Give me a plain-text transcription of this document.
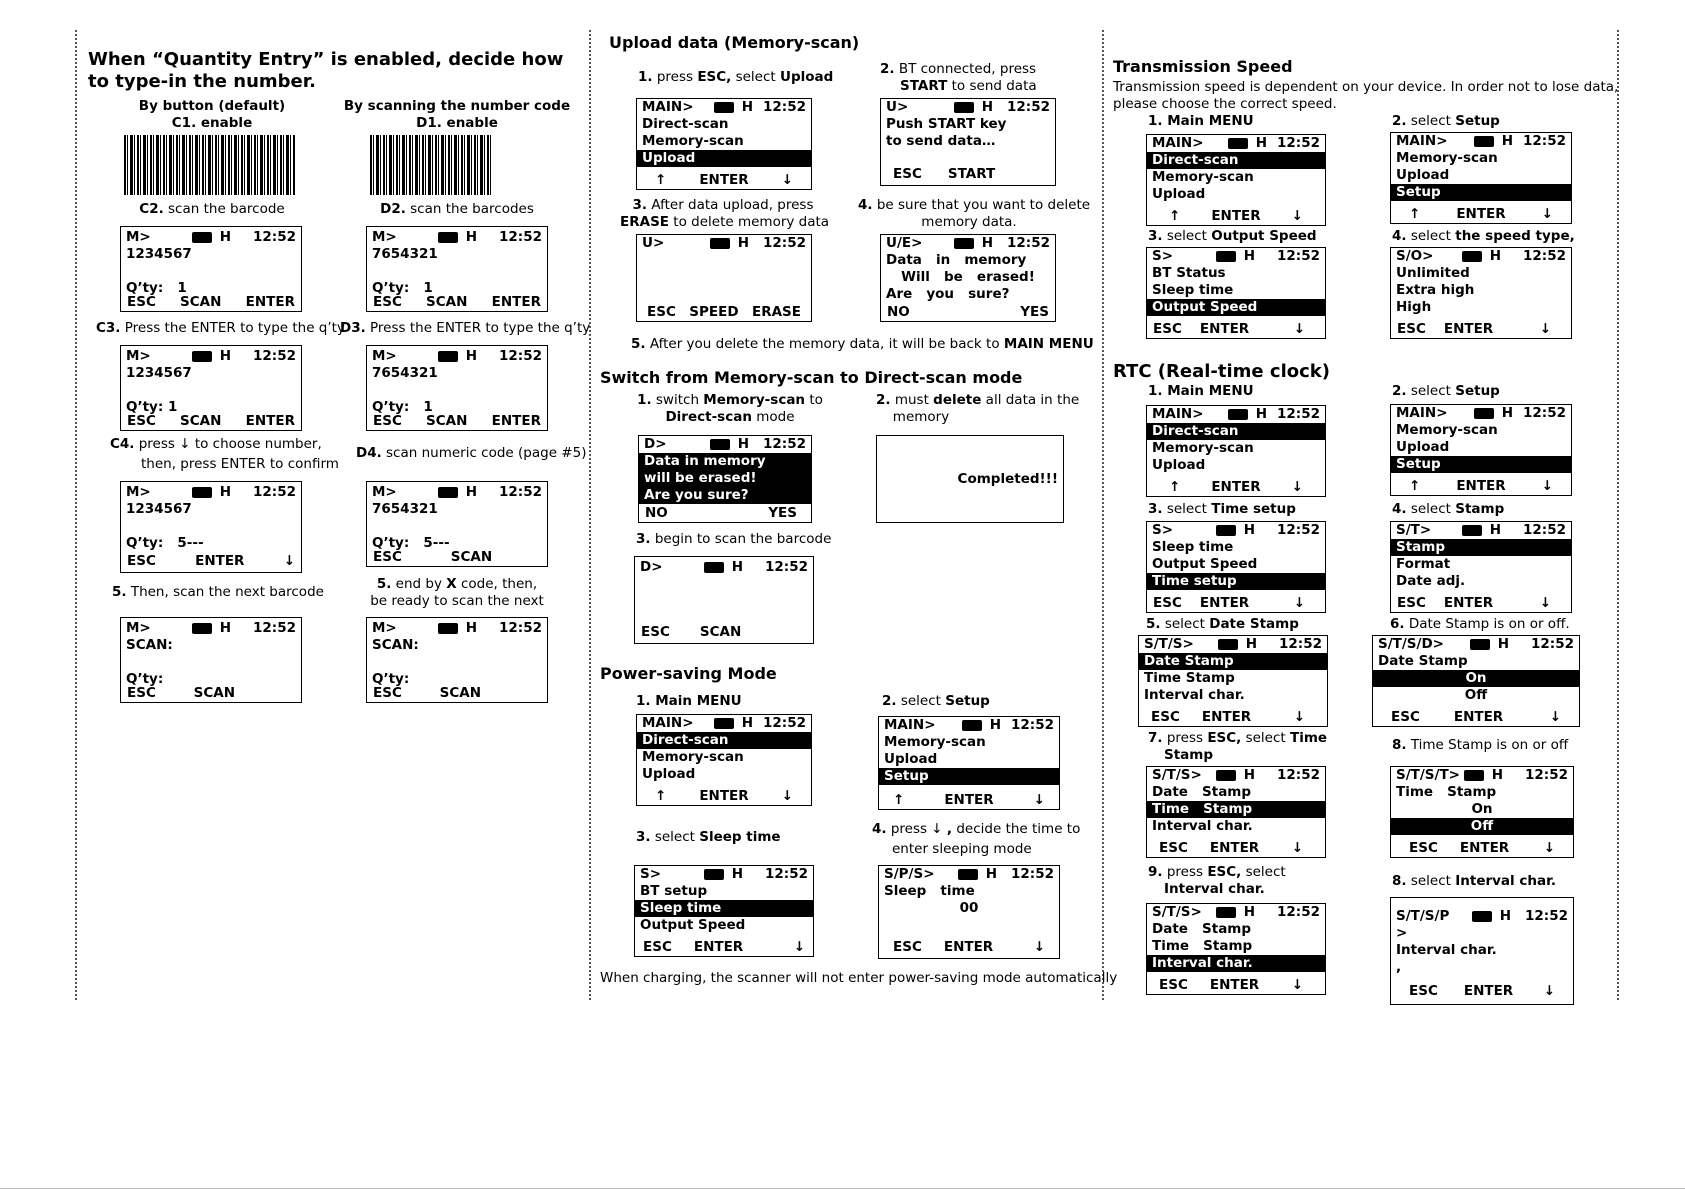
When “Quantity Entry” is enabled, decide how to type-in the number.
By button (default)	By scanning the number code
C1. enable	D1. enable
C2. scan the barcode	D2. scan the barcodes
M>	H 12:52
1234567
Q’ty:   1
ESC SCAN ENTER
M>	H 12:52
7654321
Q’ty:   1
ESC SCAN ENTER
C3. Press the ENTER to type the q’ty
D3. Press the ENTER to type the q’ty
M>	H 12:52
1234567
Q’ty: 1
ESC SCAN ENTER
M>	H 12:52
7654321
Q’ty:   1
ESC SCAN ENTER
C4. press ↓ to choose number,
then, press ENTER to confirm
D4. scan numeric code (page #5)
M>	H 12:52
1234567
Q’ty:   5---
ESC	ENTER	↓
M>	H 12:52
7654321
Q’ty:   5---
ESC	SCAN
5. Then, scan the next barcode	5. end by X code, then,
be ready to scan the next
M>	H 12:52
SCAN:
Q’ty:
ESC	SCAN
M>	H 12:52
SCAN:
Q’ty:
ESC	SCAN
Upload data (Memory-scan)
1. press ESC, select Upload	2. BT connected, press
START to send data
MAIN>	H 12:52
Direct-scan
Memory-scan
Upload
↑ ENTER ↓
U>	H 12:52
Push START key
to send data…
ESC START
3. After data upload, press
ERASE to delete memory data
4. be sure that you want to delete
memory data.
U>	H 12:52
ESC SPEED ERASE
U/E>	H 12:52
Data   in   memory
Will   be   erased!
Are   you   sure?
NO	YES
5. After you delete the memory data, it will be back to MAIN MENU
Switch from Memory-scan to Direct-scan mode
1. switch Memory-scan to
Direct-scan mode
2. must delete all data in the
memory
D>	H 12:52
Data in memory
will be erased!
Are you sure?
NO	YES
Completed!!!
3. begin to scan the barcode
D>	H 12:52
ESC SCAN
Power-saving Mode
1. Main MENU	2. select Setup
MAIN>	H 12:52
Direct-scan
Memory-scan
Upload
↑ ENTER ↓
MAIN>	H 12:52
Memory-scan
Upload
Setup
↑	ENTER	↓
3. select Sleep time	4. press ↓ , decide the time to
enter sleeping mode
S>	H 12:52
BT setup
Sleep time
Output Speed
ESC ENTER	↓
S/P/S>	H 12:52
Sleep   time
00
ESC ENTER	↓
When charging, the scanner will not enter power-saving mode automatically
Transmission Speed
Transmission speed is dependent on your device. In order not to lose data,
please choose the correct speed.
1. Main MENU	2. select Setup
MAIN>	H 12:52
Direct-scan
Memory-scan
Upload
↑ ENTER ↓
MAIN>	H 12:52
Memory-scan
Upload
Setup
↑	ENTER	↓
3. select Output Speed	4. select the speed type,
S>	H 12:52
BT Status
Sleep time
Output Speed
ESC ENTER	↓
S/O>	H 12:52
Unlimited
Extra high
High
ESC ENTER	↓
RTC (Real-time clock)
1. Main MENU	2. select Setup
MAIN>	H 12:52
Direct-scan
Memory-scan
Upload
↑ ENTER ↓
MAIN>	H 12:52
Memory-scan
Upload
Setup
↑	ENTER	↓
3. select Time setup	4. select Stamp
S>	H 12:52
Sleep time
Output Speed
Time setup
ESC ENTER	↓
S/T>	H 12:52
Stamp
Format
Date adj.
ESC ENTER	↓
5. select Date Stamp	6. Date Stamp is on or off.
S/T/S>	H 12:52
Date Stamp
Time Stamp
Interval char.
ESC ENTER	↓
S/T/S/D>	H 12:52
Date Stamp
On
Off
ESC	ENTER	↓
7. press ESC, select Time
Stamp
8. Time Stamp is on or off
S/T/S>	H 12:52
Date   Stamp
Time   Stamp
Interval char.
ESC ENTER ↓
S/T/S/T> H 12:52
Time   Stamp
On
Off
ESC ENTER	↓
9. press ESC, select
Interval char.	8. select Interval char.
S/T/S>	H 12:52
Date   Stamp
Time   Stamp
Interval char.
ESC ENTER ↓
S/T/S/P	H 12:52
>
Interval char.
,
ESC ENTER ↓
